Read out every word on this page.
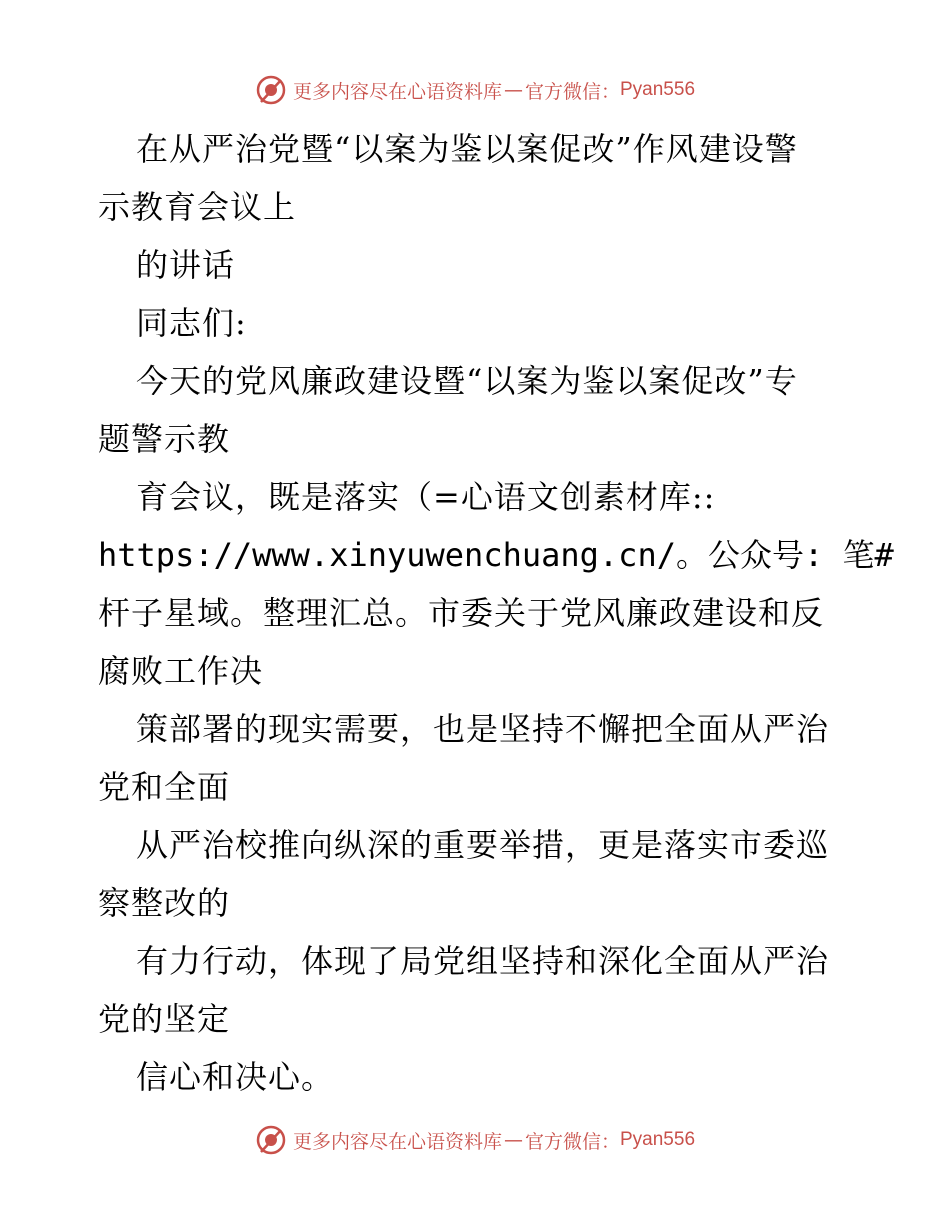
更多内容尽在心语资料库 — 官方微信： Pyan556
在从严治党暨“以案为鉴以案促改”作风建设警
示教育会议上
的讲话
同志们:
今天的党风廉政建设暨“以案为鉴以案促改”专
题警示教
育会议，既是落实（=心语文创素材库::
https://www.xinyuwenchuang.cn/。公众号: 笔#
杆子星域。整理汇总。市委关于党风廉政建设和反
腐败工作决
策部署的现实需要，也是坚持不懈把全面从严治
党和全面
从严治校推向纵深的重要举措，更是落实市委巡
察整改的
有力行动，体现了局党组坚持和深化全面从严治
党的坚定
信心和决心。
更多内容尽在心语资料库 — 官方微信： Pyan556
